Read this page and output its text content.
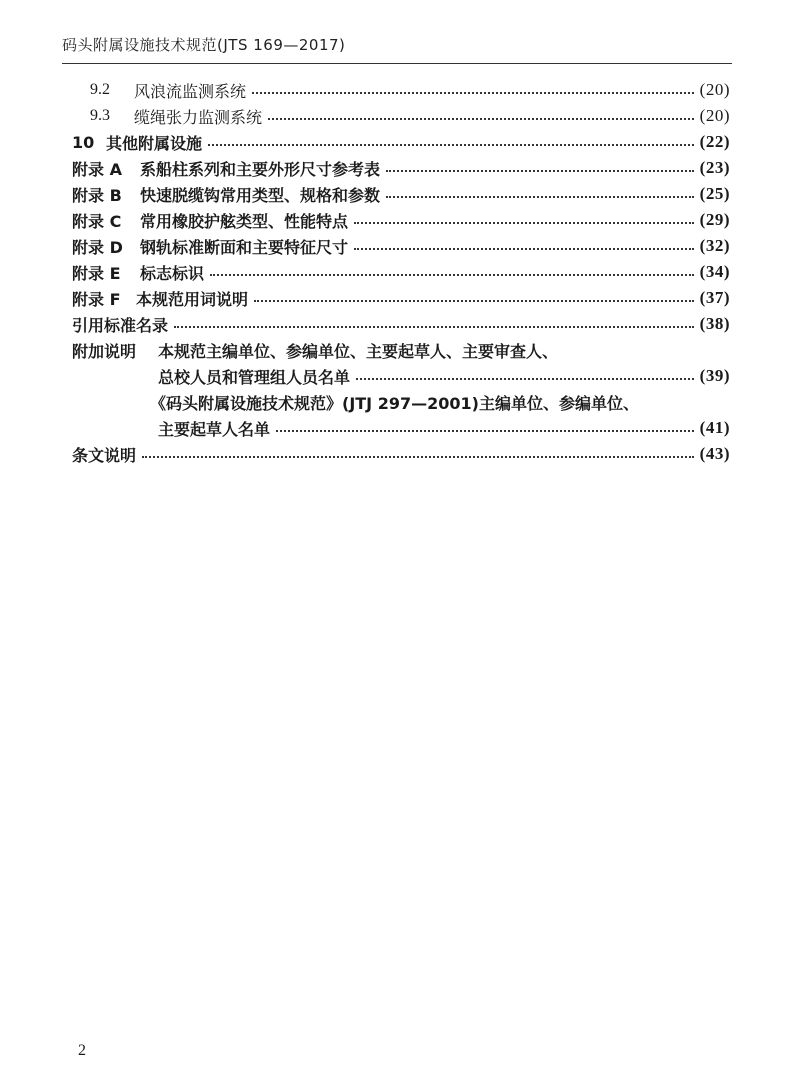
码头附属设施技术规范(JTS 169—2017)
9.2	风浪流监测系统	(20)
9.3	缆绳张力监测系统	(20)
10 其他附属设施	(22)
附录 A	系船柱系列和主要外形尺寸参考表	(23)
附录 B	快速脱缆钩常用类型、规格和参数	(25)
附录 C	常用橡胶护舷类型、性能特点	(29)
附录 D	钢轨标准断面和主要特征尺寸	(32)
附录 E	标志标识	(34)
附录 F 本规范用词说明	(37)
引用标准名录	(38)
附加说明	本规范主编单位、参编单位、主要起草人、主要审查人、
总校人员和管理组人员名单	(39)
《码头附属设施技术规范》(JTJ 297—2001)主编单位、参编单位、
主要起草人名单	(41)
条文说明	(43)
2
